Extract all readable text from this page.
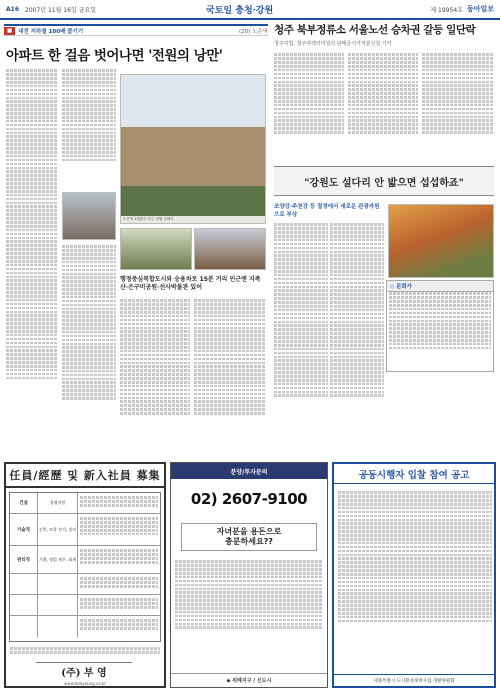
A16 2007년 11월 16일 금요일	국토일 충청·강원	제 19954호 동아일보
■	대전 지하철 100배 즐기기	(20) 노은역
아파트 한 걸음 벗어나면 '전원의 낭만'
노은역 1번출구 부근 전원 주택가
행정중심복합도시와 승용차로 15분 거리 인근엔 지족산·은구비공원·선사박물관 있어
청주 북부정류소 서울노선 승차권 갈등 일단락
청주지법, 청주여객터미널의 판매금지가처분신청 기각
"강원도 설다리 안 밟으면 섭섭하죠"
조양강·주천강 등 절경에서 새로운 관광자원으로 부상
◇ 문화가
任員/經歷 및 新入社員 募集
건설	경영지원
기술직	건축, 토목 전기, 설비
관리직	기획, 영업 재무, 회계
(주) 부 영
www.booyoung.co.kr
분양/투자문의
02) 2607-9100
자녀분을 용돈으로
충분하세요??
◆ 위례지구 / 신도시
공동시행자 입찰 참여 공고
세종특별시 도시환경정비사업 개발위원회
